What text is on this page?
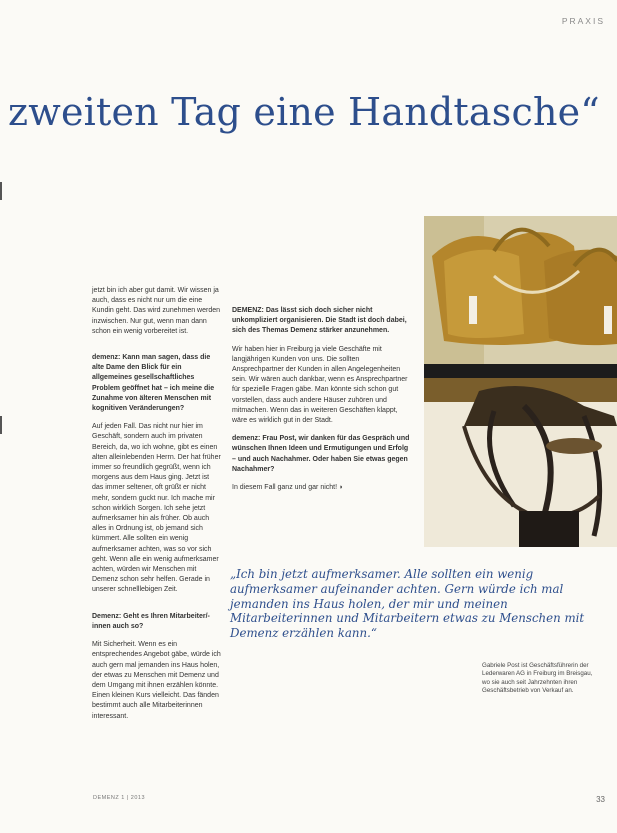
PRAXIS
zweiten Tag eine Handtasche“

jetzt bin ich aber gut damit. Wir wissen ja auch, dass es nicht nur um die eine Kundin geht. Das wird zunehmen werden inzwischen. Nur gut, wenn man dann schon ein wenig vorbereitet ist.

demenz: Kann man sagen, dass die alte Dame den Blick für ein allgemeines gesellschaftliches Problem geöffnet hat – ich meine die Zunahme von älteren Menschen mit kognitiven Veränderungen?

Auf jeden Fall. Das nicht nur hier im Geschäft, sondern auch im privaten Bereich, da, wo ich wohne, gibt es einen alten alleinlebenden Herrn. Der hat früher immer so freundlich gegrüßt, wenn ich morgens aus dem Haus ging. Jetzt ist das immer seltener, oft grüßt er nicht mehr, sondern guckt nur. Ich mache mir schon wirklich Sorgen. Ich sehe jetzt aufmerksamer hin als früher. Ob auch alles in Ordnung ist, ob jemand sich kümmert. Alle sollten ein wenig aufmerksamer achten, was so vor sich geht. Wenn alle ein wenig aufmerksamer achten, würden wir Menschen mit Demenz schon sehr helfen. Gerade in unserer schnelllebigen Zeit.

Demenz: Geht es Ihren Mitarbeiter/-innen auch so?

Mit Sicherheit. Wenn es ein entsprechendes Angebot gäbe, würde ich auch gern mal jemanden ins Haus holen, der etwas zu Menschen mit Demenz und dem Umgang mit ihnen erzählen könnte. Einen kleinen Kurs vielleicht. Das fänden bestimmt auch alle Mitarbeiterinnen interessant.

DEMENZ: Das lässt sich doch sicher nicht unkompliziert organisieren. Die Stadt ist doch dabei, sich des Themas Demenz stärker anzunehmen.

Wir haben hier in Freiburg ja viele Geschäfte mit langjährigen Kunden von uns. Die sollten Ansprechpartner der Kunden in allen Angelegenheiten sein. Wir wären auch dankbar, wenn es Ansprechpartner für spezielle Fragen gäbe. Man könnte sich schon gut vorstellen, dass auch andere Häuser zuhören und mitmachen. Wenn das in weiteren Geschäften klappt, wäre es wirklich gut in der Stadt.

demenz: Frau Post, wir danken für das Gespräch und wünschen Ihnen Ideen und Ermutigungen und Erfolg – und auch Nachahmer. Oder haben Sie etwas gegen Nachahmer?

In diesem Fall ganz und gar nicht! ◗

„Ich bin jetzt aufmerksamer. Alle sollten ein wenig aufmerksamer aufeinander achten. Gern würde ich mal jemanden ins Haus holen, der mir und meinen Mitarbeiterinnen und Mitarbeitern etwas zu Menschen mit Demenz erzählen kann.“
Gabriele Post ist Geschäftsführerin der Lederwaren AG in Freiburg im Breisgau, wo sie auch seit Jahrzehnten ihren Geschäftsbetrieb von Verkauf an.
DEMENZ 1 | 2013	33
